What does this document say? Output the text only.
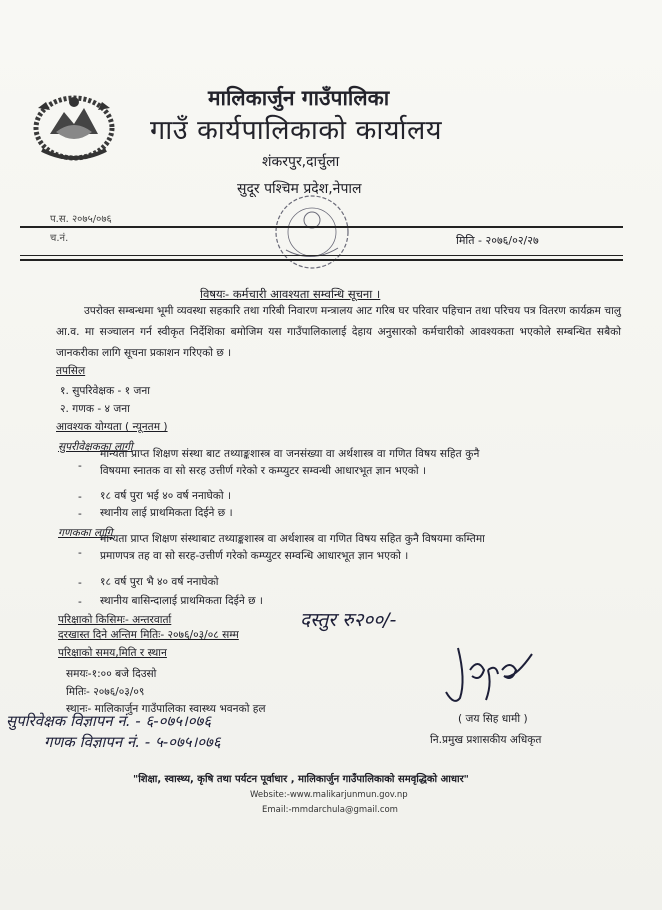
मालिकार्जुन गाउँपालिका
गाउँ कार्यपालिकाको कार्यालय
शंकरपुर,दार्चुला
सुदूर पश्चिम प्रदेश,नेपाल
प.स. २०७५/०७६
च.नं.	मिति - २०७६/०२/२७
विषयः- कर्मचारी आवश्यता सम्वन्धि सूचना ।
उपरोक्त सम्बन्धमा भूमी व्यवस्था सहकारि तथा गरिबी निवारण मन्त्रालय आट गरिब घर परिवार पहिचान तथा परिचय पत्र वितरण कार्यक्रम चालु आ.व. मा सञ्चालन गर्न स्वीकृत निर्देशिका बमोजिम यस गाउँपालिकालाई देहाय अनुसारको कर्मचारीको आवश्यकता भएकोले सम्बन्धित सबैको जानकरीका लागि सूचना प्रकाशन गरिएको छ ।
तपसिल
१. सुपरिवेक्षक - १ जना
२. गणक - ४ जना
आवश्यक योग्यता ( न्यूनतम )
सुपरीवेक्षकका लागी
-
मान्यता प्राप्त शिक्षण संस्था बाट तथ्याङ्कशास्त्र वा जनसंख्या वा अर्थशास्त्र वा गणित विषय सहित कुनै
विषयमा स्नातक वा सो सरह उत्तीर्ण गरेको र कम्प्युटर सम्वन्धी आधारभूत ज्ञान भएको ।
- १८ वर्ष पुरा भई ४० वर्ष ननाघेको ।
- स्थानीय लाई प्राथमिकता दिईने छ ।
गणकका लागि
-
मान्यता प्राप्त शिक्षण संस्थाबाट तथ्याङ्कशास्त्र वा अर्थशास्त्र वा गणित विषय सहित कुनै विषयमा कम्तिमा
प्रमाणपत्र तह वा सो सरह-उत्तीर्ण गरेको कम्प्युटर सम्वन्धि आधारभूत ज्ञान भएको ।
- १८ वर्ष पुरा भै ४० वर्ष ननाघेको
- स्थानीय बासिन्दालाई प्राथमिकता दिईने छ ।
परिक्षाको किसिमः- अन्तरवार्ता
दरखास्त दिने अन्तिम मितिः- २०७६/०३/०८ सम्म
परिक्षाको समय,मिति र स्थान
समयः-१:०० बजे दिउसो
मितिः- २०७६/०३/०९
स्थानः- मालिकार्जुन गाउँपालिका स्वास्थ्य भवनको हल
दस्तुर रु२००/-
सुपरिवेक्षक विज्ञापन नं. - ६-०७५।०७६
गणक विज्ञापन नं. - ५-०७५।०७६
( जय सिह धामी )
नि.प्रमुख प्रशासकीय अधिकृत
"शिक्षा, स्वास्थ्य, कृषि तथा पर्यटन पूर्वाधार , मालिकार्जुन गाउँपालिकाको समवृद्धिको आधार"
Website:-www.malikarjunmun.gov.np
Email:-mmdarchula@gmail.com
